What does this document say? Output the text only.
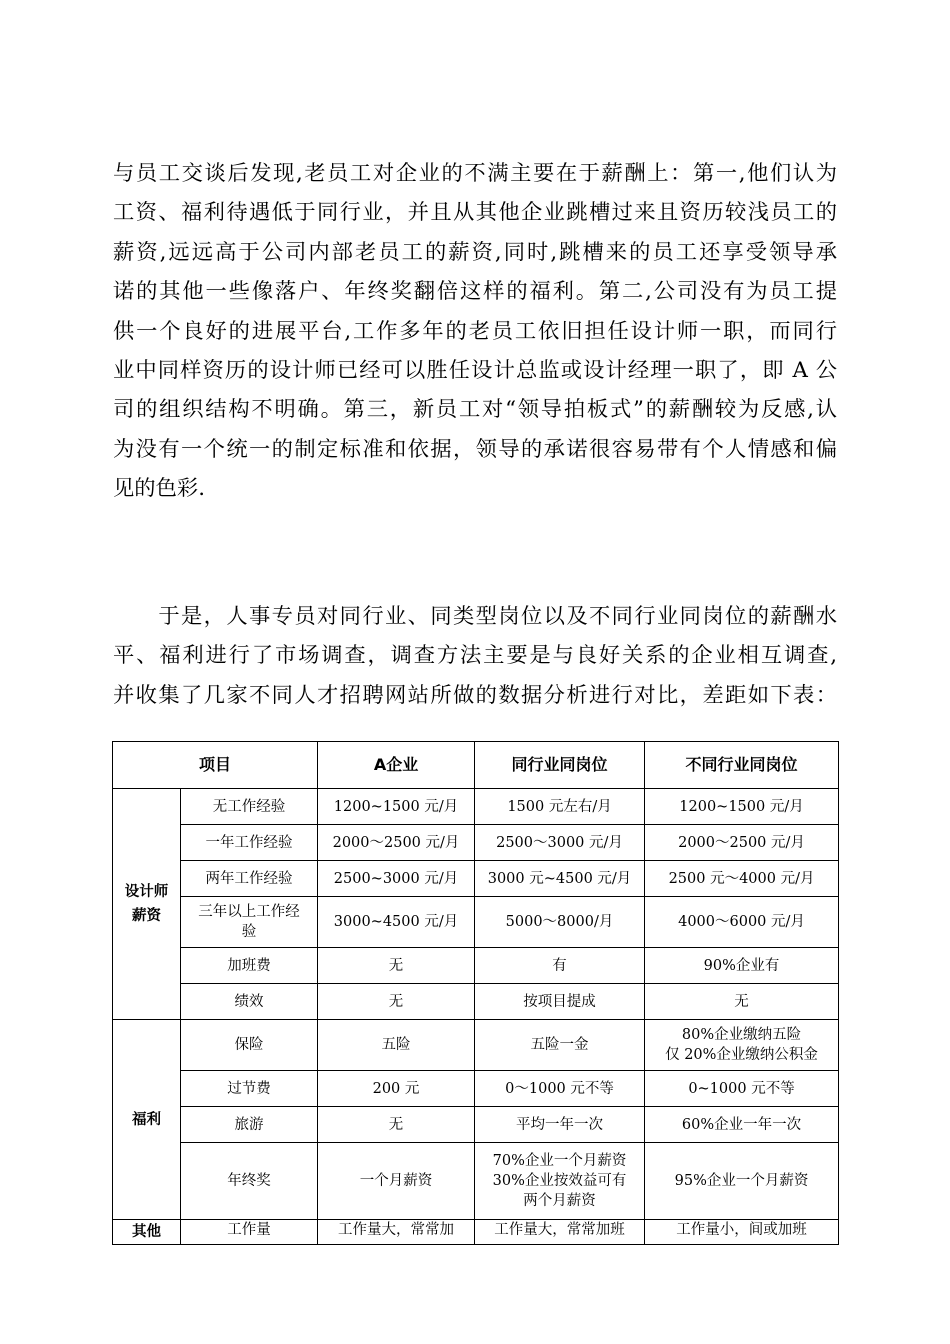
与员工交谈后发现,老员工对企业的不满主要在于薪酬上：第一,他们认为
工资、福利待遇低于同行业，并且从其他企业跳槽过来且资历较浅员工的
薪资,远远高于公司内部老员工的薪资,同时,跳槽来的员工还享受领导承
诺的其他一些像落户、年终奖翻倍这样的福利。第二,公司没有为员工提
供一个良好的进展平台,工作多年的老员工依旧担任设计师一职，而同行
业中同样资历的设计师已经可以胜任设计总监或设计经理一职了，即 A 公
司的组织结构不明确。第三，新员工对“领导拍板式”的薪酬较为反感,认
为没有一个统一的制定标准和依据，领导的承诺很容易带有个人情感和偏
见的色彩.
　　于是，人事专员对同行业、同类型岗位以及不同行业同岗位的薪酬水
平、福利进行了市场调查，调查方法主要是与良好关系的企业相互调查,
并收集了几家不同人才招聘网站所做的数据分析进行对比，差距如下表：
项目		A企业	同行业同岗位	不同行业同岗位

设计师
薪资	无工作经验	1200~1500 元/月	1500 元左右/月	1200~1500 元/月

	一年工作经验	2000～2500 元/月	2500～3000 元/月	2000～2500 元/月

	两年工作经验	2500~3000 元/月	3000 元~4500 元/月	2500 元～4000 元/月

	三年以上工作经
验	3000~4500 元/月	5000～8000/月	4000～6000 元/月

	加班费	无	有	90%企业有

	绩效	无	按项目提成	无

福利	保险	五险	五险一金	80%企业缴纳五险
仅 20%企业缴纳公积金

	过节费	200 元	0～1000 元不等	0~1000 元不等

	旅游	无	平均一年一次	60%企业一年一次

	年终奖	一个月薪资	70%企业一个月薪资
30%企业按效益可有
两个月薪资	95%企业一个月薪资

其他	工作量	工作量大，常常加	工作量大，常常加班	工作量小，间或加班
